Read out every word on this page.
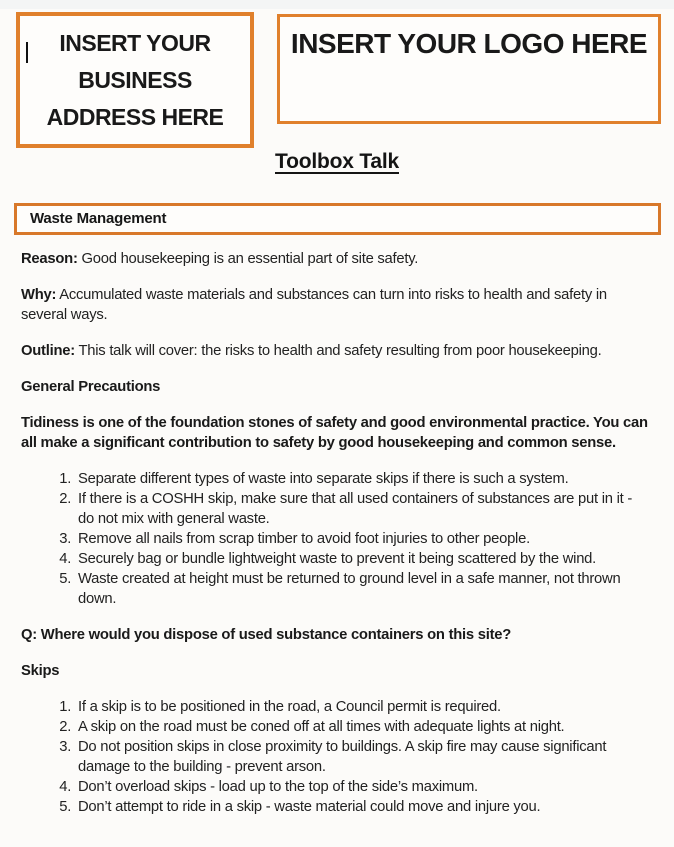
INSERT YOUR
BUSINESS
ADDRESS HERE
INSERT YOUR LOGO HERE
Toolbox Talk
Waste Management

Reason: Good housekeeping is an essential part of site safety.

Why: Accumulated waste materials and substances can turn into risks to health and safety in several ways.

Outline: This talk will cover: the risks to health and safety resulting from poor housekeeping.

General Precautions

Tidiness is one of the foundation stones of safety and good environmental practice. You can all make a significant contribution to safety by good housekeeping and common sense.

1. Separate different types of waste into separate skips if there is such a system.
2. If there is a COSHH skip, make sure that all used containers of substances are put in it - do not mix with general waste.
3. Remove all nails from scrap timber to avoid foot injuries to other people.
4. Securely bag or bundle lightweight waste to prevent it being scattered by the wind.
5. Waste created at height must be returned to ground level in a safe manner, not thrown down.

Q: Where would you dispose of used substance containers on this site?

Skips

1. If a skip is to be positioned in the road, a Council permit is required.
2. A skip on the road must be coned off at all times with adequate lights at night.
3. Do not position skips in close proximity to buildings. A skip fire may cause significant damage to the building - prevent arson.
4. Don’t overload skips - load up to the top of the side’s maximum.
5. Don’t attempt to ride in a skip - waste material could move and injure you.
